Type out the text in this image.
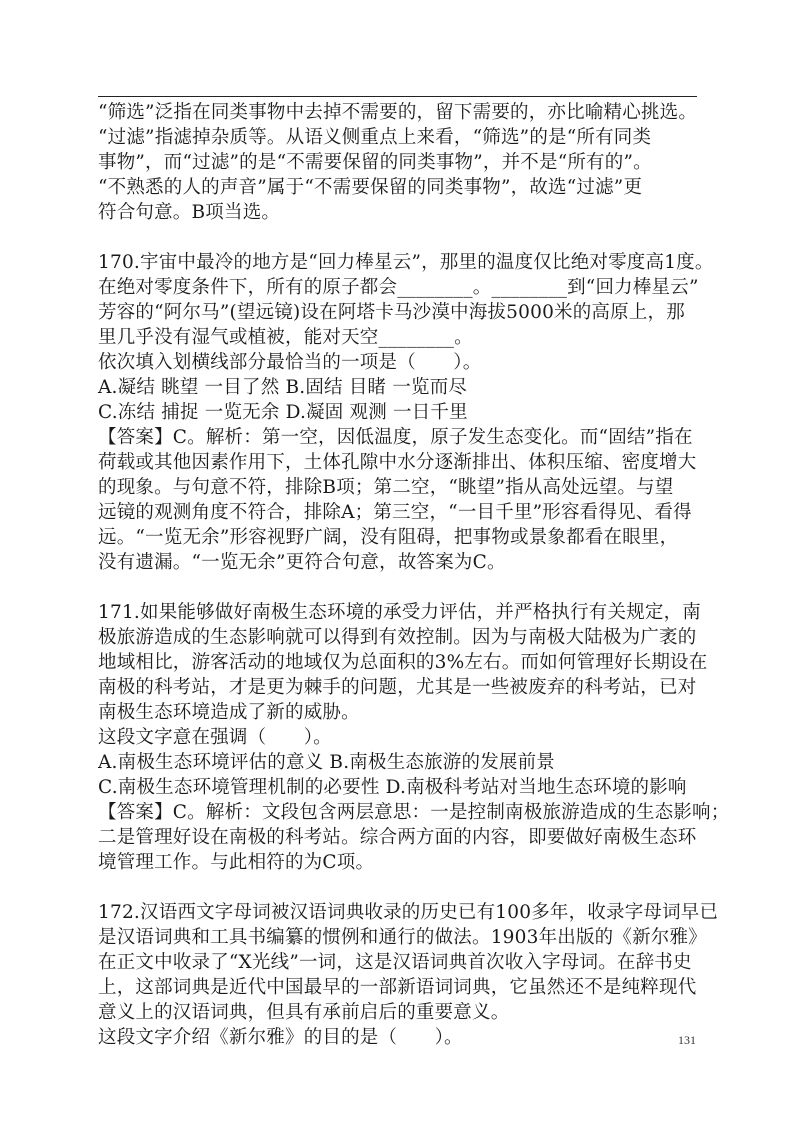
“筛选”泛指在同类事物中去掉不需要的，留下需要的，亦比喻精心挑选。
“过滤”指滤掉杂质等。从语义侧重点上来看，“筛选”的是“所有同类
事物”，而“过滤”的是“不需要保留的同类事物”，并不是“所有的”。
“不熟悉的人的声音”属于“不需要保留的同类事物”，故选“过滤”更
符合句意。B项当选。
170.宇宙中最冷的地方是“回力棒星云”，那里的温度仅比绝对零度高1度。
在绝对零度条件下，所有的原子都会________。________到“回力棒星云”
芳容的“阿尔马”(望远镜)设在阿塔卡马沙漠中海拔5000米的高原上，那
里几乎没有湿气或植被，能对天空________。
依次填入划横线部分最恰当的一项是（　　）。
A.凝结 眺望 一目了然 B.固结 目睹 一览而尽
C.冻结 捕捉 一览无余 D.凝固 观测 一日千里
【答案】C。解析：第一空，因低温度，原子发生态变化。而“固结”指在
荷载或其他因素作用下，土体孔隙中水分逐渐排出、体积压缩、密度增大
的现象。与句意不符，排除B项；第二空，“眺望”指从高处远望。与望
远镜的观测角度不符合，排除A；第三空，“一目千里”形容看得见、看得
远。“一览无余”形容视野广阔，没有阻碍，把事物或景象都看在眼里，
没有遗漏。“一览无余”更符合句意，故答案为C。
171.如果能够做好南极生态环境的承受力评估，并严格执行有关规定，南
极旅游造成的生态影响就可以得到有效控制。因为与南极大陆极为广袤的
地域相比，游客活动的地域仅为总面积的3%左右。而如何管理好长期设在
南极的科考站，才是更为棘手的问题，尤其是一些被废弃的科考站，已对
南极生态环境造成了新的威胁。
这段文字意在强调（　　）。
A.南极生态环境评估的意义 B.南极生态旅游的发展前景
C.南极生态环境管理机制的必要性 D.南极科考站对当地生态环境的影响
【答案】C。解析：文段包含两层意思：一是控制南极旅游造成的生态影响；
二是管理好设在南极的科考站。综合两方面的内容，即要做好南极生态环
境管理工作。与此相符的为C项。
172.汉语西文字母词被汉语词典收录的历史已有100多年，收录字母词早已
是汉语词典和工具书编纂的惯例和通行的做法。1903年出版的《新尔雅》
在正文中收录了“X光线”一词，这是汉语词典首次收入字母词。在辞书史
上，这部词典是近代中国最早的一部新语词词典，它虽然还不是纯粹现代
意义上的汉语词典，但具有承前启后的重要意义。
这段文字介绍《新尔雅》的目的是（　　）。	131
